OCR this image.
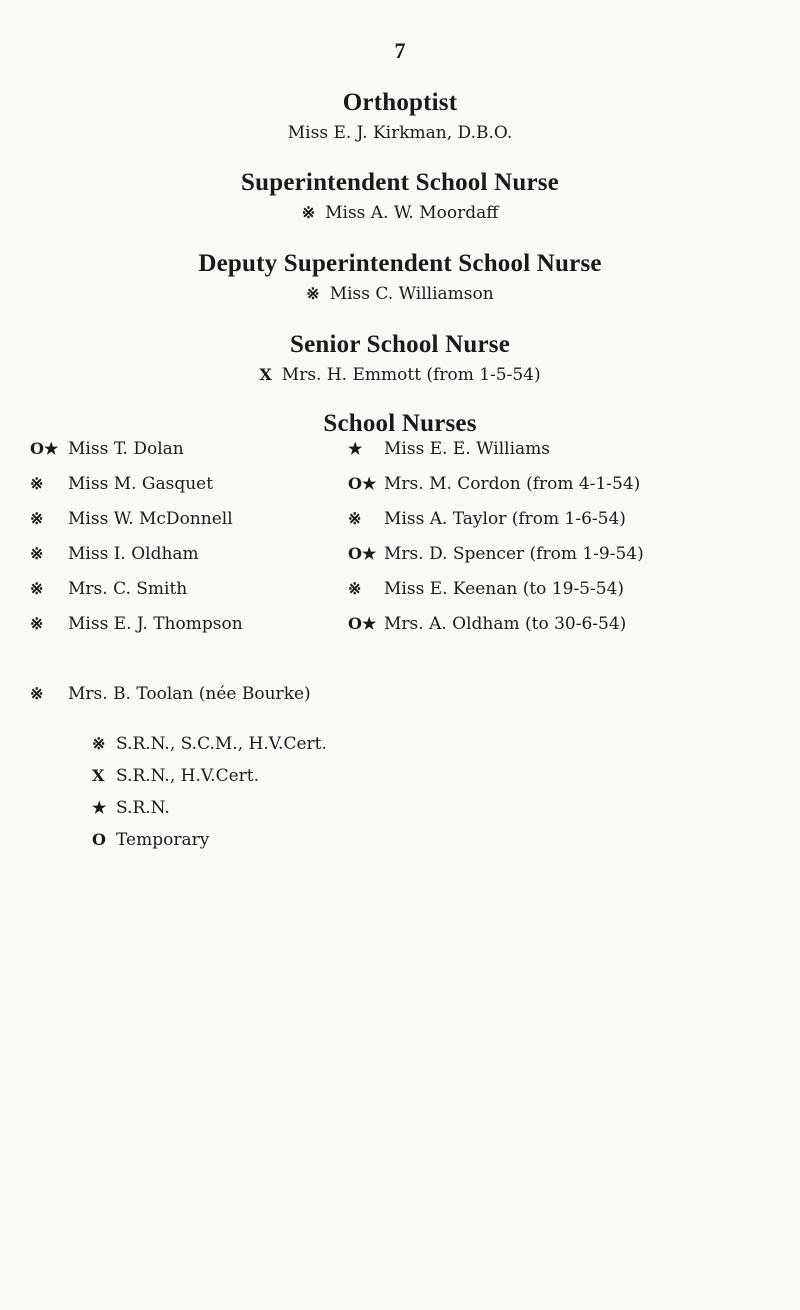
7
Orthoptist
Miss E. J. Kirkman, D.B.O.
Superintendent School Nurse
※ Miss A. W. Moordaff
Deputy Superintendent School Nurse
※ Miss C. Williamson
Senior School Nurse
X Mrs. H. Emmott (from 1-5-54)
School Nurses
O★ Miss T. Dolan
※ Miss M. Gasquet
※ Miss W. McDonnell
※ Miss I. Oldham
※ Mrs. C. Smith
※ Miss E. J. Thompson
★ Miss E. E. Williams
O★ Mrs. M. Cordon (from 4-1-54)
※ Miss A. Taylor (from 1-6-54)
O★ Mrs. D. Spencer (from 1-9-54)
※ Miss E. Keenan (to 19-5-54)
O★ Mrs. A. Oldham (to 30-6-54)
※ Mrs. B. Toolan (née Bourke)
※ S.R.N., S.C.M., H.V.Cert.
X S.R.N., H.V.Cert.
★ S.R.N.
O Temporary
